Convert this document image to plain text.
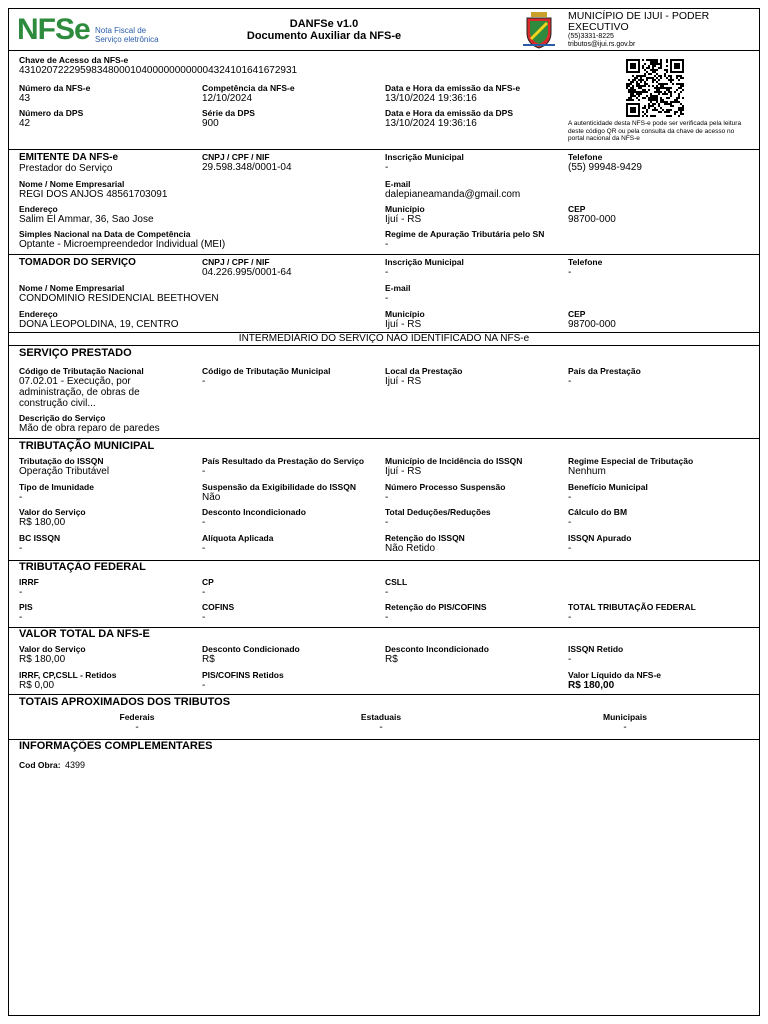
NFSe Nota Fiscal de
Serviço eletrônica
DANFSe v1.0
Documento Auxiliar da NFS-e
MUNICÍPIO DE IJUI - PODER
EXECUTIVO
(55)3331-8225
tributos@ijui.rs.gov.br
Chave de Acesso da NFS-e
43102072229598348000104000000000004324101641672931
Número da NFS-e
43
Competência da NFS-e
12/10/2024
Data e Hora da emissão da NFS-e
13/10/2024 19:36:16
Número da DPS
42
Série da DPS
900
Data e Hora da emissão da DPS
13/10/2024 19:36:16	A autenticidade desta NFS-e pode ser verificada pela leitura deste código QR ou pela consulta da chave de acesso no portal nacional da NFS-e
EMITENTE DA NFS-e
Prestador do Serviço
CNPJ / CPF / NIF
29.598.348/0001-04
Inscrição Municipal
-
Telefone
(55) 99948-9429
Nome / Nome Empresarial
REGI DOS ANJOS 48561703091
E-mail
dalepianeamanda@gmail.com
Endereço
Salim El Ammar, 36, Sao Jose
Município
Ijuí - RS
CEP
98700-000
Simples Nacional na Data de Competência
Optante - Microempreendedor Individual (MEI)
Regime de Apuração Tributária pelo SN
-
TOMADOR DO SERVIÇO	CNPJ / CPF / NIF
04.226.995/0001-64
Inscrição Municipal
-
Telefone
-
Nome / Nome Empresarial
CONDOMINIO RESIDENCIAL BEETHOVEN
E-mail
-
Endereço
DONA LEOPOLDINA, 19, CENTRO
Município
Ijuí - RS
CEP
98700-000
INTERMEDIÁRIO DO SERVIÇO NÃO IDENTIFICADO NA NFS-e
SERVIÇO PRESTADO
Código de Tributação Nacional
07.02.01 - Execução, por
administração, de obras de
construção civil...
Código de Tributação Municipal
-
Local da Prestação
Ijuí - RS
País da Prestação
-
Descrição do Serviço
Mão de obra reparo de paredes
TRIBUTAÇÃO MUNICIPAL
TRIBUTAÇÃO FEDERAL
VALOR TOTAL DA NFS-E
TOTAIS APROXIMADOS DOS TRIBUTOS
Federais
-
Estaduais
-
Municipais
-
INFORMAÇÕES COMPLEMENTARES
Cod Obra: 4399
Tributação do ISSQN
Operação Tributável
País Resultado da Prestação do Serviço
-
Município de Incidência do ISSQN
Ijuí - RS
Regime Especial de Tributação
Nenhum
Tipo de Imunidade
-
Suspensão da Exigibilidade do ISSQN
Não
Número Processo Suspensão
-
Benefício Municipal
-
Valor do Serviço
R$ 180,00
Desconto Incondicionado
-
Total Deduções/Reduções
-
Cálculo do BM
-
BC ISSQN
-
Alíquota Aplicada
-
Retenção do ISSQN
Não Retido
ISSQN Apurado
-
IRRF
-
CP
-
CSLL
-
PIS
-
COFINS
-
Retenção do PIS/COFINS
-
TOTAL TRIBUTAÇÃO FEDERAL
-
Valor do Serviço
R$ 180,00
Desconto Condicionado
R$
Desconto Incondicionado
R$
ISSQN Retido
-
IRRF, CP,CSLL - Retidos
R$ 0,00
PIS/COFINS Retidos
-
Valor Líquido da NFS-e
R$ 180,00
